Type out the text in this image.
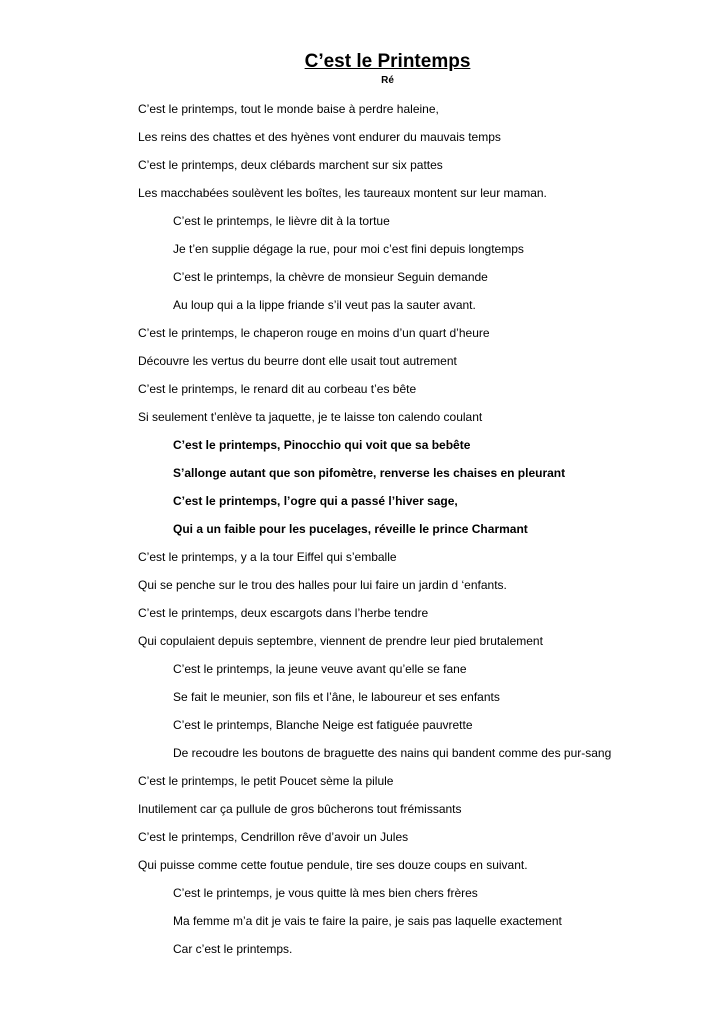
C’est le Printemps
Ré
C’est le printemps, tout le monde baise à perdre haleine,
Les reins des chattes et des hyènes vont endurer du mauvais temps
C’est le printemps, deux clébards marchent sur six pattes
Les macchabées soulèvent les boîtes, les taureaux montent sur leur maman.
C’est le printemps, le lièvre dit à la tortue
Je t’en supplie dégage la rue, pour moi c’est fini depuis longtemps
C’est le printemps, la chèvre de monsieur Seguin demande
Au loup qui a la lippe friande s’il veut pas la sauter avant.
C’est le printemps, le chaperon rouge en moins d’un quart d’heure
Découvre les vertus du beurre dont elle usait tout autrement
C’est le printemps, le renard dit au corbeau t’es bête
Si seulement t’enlève ta jaquette, je te laisse ton calendo coulant
C’est le printemps, Pinocchio qui voit que sa bebête
S’allonge autant que son pifomètre, renverse les chaises en pleurant
C’est le printemps, l’ogre qui a passé l’hiver sage,
Qui a un faible pour les pucelages, réveille le prince Charmant
C’est le printemps, y a la tour Eiffel qui s’emballe
Qui se penche sur le trou des halles pour lui faire un jardin d ‘enfants.
C’est le printemps, deux escargots dans l’herbe tendre
Qui copulaient depuis septembre, viennent de prendre leur pied brutalement
C’est le printemps, la jeune veuve avant qu’elle se fane
Se fait le meunier, son fils et l’âne, le laboureur et ses enfants
C’est le printemps, Blanche Neige est fatiguée pauvrette
De recoudre les boutons de braguette des nains qui bandent comme des pur-sang
C’est le printemps, le petit Poucet sème la pilule
Inutilement car ça pullule de gros bûcherons tout frémissants
C’est le printemps, Cendrillon rêve d’avoir un Jules
Qui puisse comme cette foutue pendule, tire ses douze coups en suivant.
C’est le printemps, je vous quitte là mes bien chers frères
Ma femme m’a dit je vais te faire la paire, je sais pas laquelle exactement
Car c’est le printemps.
